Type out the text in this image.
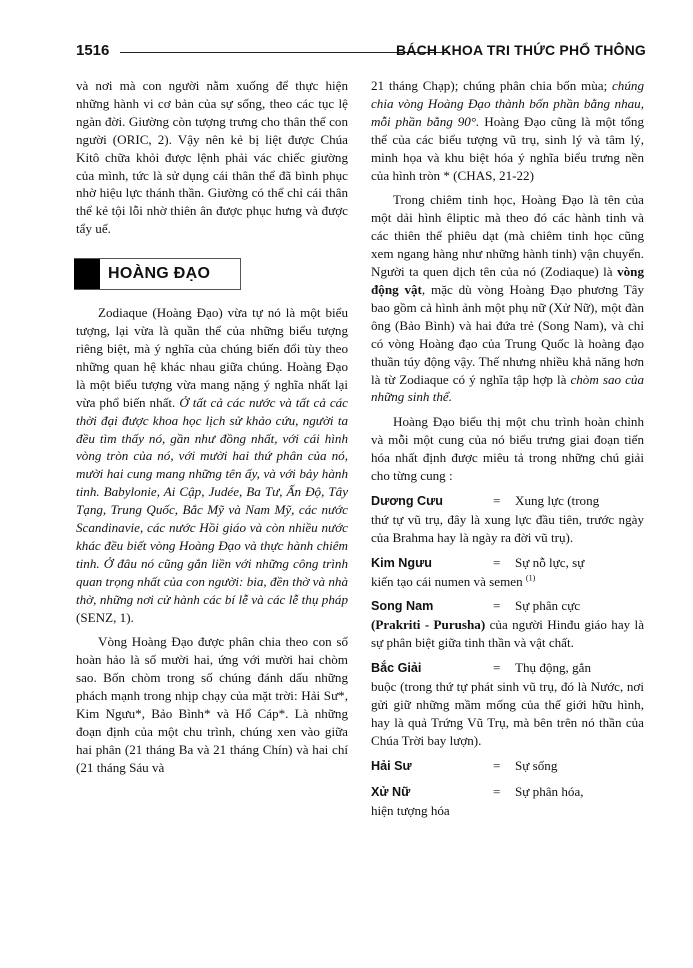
1516	BÁCH KHOA TRI THỨC PHỔ THÔNG

và nơi mà con người nằm xuống để thực hiện những hành vi cơ bản của sự sống, theo các tục lệ ngàn đời. Giường còn tượng trưng cho thân thể con người (ORIC, 2). Vậy nên kẻ bị liệt được Chúa Kitô chữa khỏi được lệnh phải vác chiếc giường của mình, tức là sử dụng cái thân thể đã bình phục nhờ hiệu lực thánh thần. Giường có thể chỉ cái thân thể kẻ tội lỗi nhờ thiên ân được phục hưng và được tẩy uế.

HOÀNG ĐẠO

Zodiaque (Hoàng Đạo) vừa tự nó là một biểu tượng, lại vừa là quần thể của những biểu tượng riêng biệt, mà ý nghĩa của chúng biến đổi tùy theo những quan hệ khác nhau giữa chúng. Hoàng Đạo là một biểu tượng vừa mang nặng ý nghĩa nhất lại vừa phổ biến nhất. Ở tất cả các nước và tất cả các thời đại được khoa học lịch sử khảo cứu, người ta đều tìm thấy nó, gần như đồng nhất, với cái hình vòng tròn của nó, với mười hai thứ phân của nó, mười hai cung mang những tên ấy, và với bảy hành tinh. Babylonie, Ai Cập, Judée, Ba Tư, Ấn Độ, Tây Tạng, Trung Quốc, Bắc Mỹ và Nam Mỹ, các nước Scandinavie, các nước Hồi giáo và còn nhiều nước khác đều biết vòng Hoàng Đạo và thực hành chiêm tinh. Ở đâu nó cũng gắn liền với những công trình quan trọng nhất của con người: bia, đền thờ và nhà thờ, những nơi cử hành các bí lễ và các lễ thụ pháp (SENZ, 1).

Vòng Hoàng Đạo được phân chia theo con số hoàn hảo là số mười hai, ứng với mười hai chòm sao. Bốn chòm trong số chúng đánh dấu những phách mạnh trong nhịp chạy của mặt trời: Hải Sư*, Kim Ngưu*, Bảo Bình* và Hổ Cáp*. Là những đoạn định của một chu trình, chúng xen vào giữa hai phân (21 tháng Ba và 21 tháng Chín) và hai chí (21 tháng Sáu và

21 tháng Chạp); chúng phân chia bốn mùa; chúng chia vòng Hoàng Đạo thành bốn phần bằng nhau, mỗi phần bằng 90°. Hoàng Đạo cũng là một tổng thể của các biểu tượng vũ trụ, sinh lý và tâm lý, minh họa và khu biệt hóa ý nghĩa biểu trưng nền của hình tròn * (CHAS, 21-22)

Trong chiêm tinh học, Hoàng Đạo là tên của một dải hình êliptic mà theo đó các hành tinh và các thiên thể phiêu dạt (mà chiêm tinh học cũng xem ngang hàng như những hành tinh) vận chuyển. Người ta quen dịch tên của nó (Zodiaque) là vòng động vật, mặc dù vòng Hoàng Đạo phương Tây bao gồm cả hình ảnh một phụ nữ (Xử Nữ), một đàn ông (Bảo Bình) và hai đứa trẻ (Song Nam), và chỉ có vòng Hoàng đạo của Trung Quốc là hoàng đạo thuần túy động vậy. Thế nhưng nhiều khả năng hơn là từ Zodiaque có ý nghĩa tập hợp là chòm sao của những sinh thể.

Hoàng Đạo biểu thị một chu trình hoàn chỉnh và mỗi một cung của nó biểu trưng giai đoạn tiến hóa nhất định được miêu tả trong những chú giải cho từng cung :

Dương Cưu	=	Xung lực (trong
thứ tự vũ trụ, đây là xung lực đầu tiên, trước ngày của Brahma hay là ngày ra đời vũ trụ).
Kim Ngưu	=	Sự nỗ lực, sự
kiến tạo cái numen và semen $^{(1)}$
Song Nam	=	Sự phân cực
(Prakriti - Purusha) của người Hinđu giáo hay là sự phân biệt giữa tinh thần và vật chất.
Bắc Giải	=	Thụ động, gắn
buộc (trong thứ tự phát sinh vũ trụ, đó là Nước, nơi gửi giữ những mầm mống của thế giới hữu hình, hay là quả Trứng Vũ Trụ, mà bên trên nó thần của Chúa Trời bay lượn).
Hải Sư	=	Sự sống
Xử Nữ	=	Sự phân hóa,
hiện tượng hóa
